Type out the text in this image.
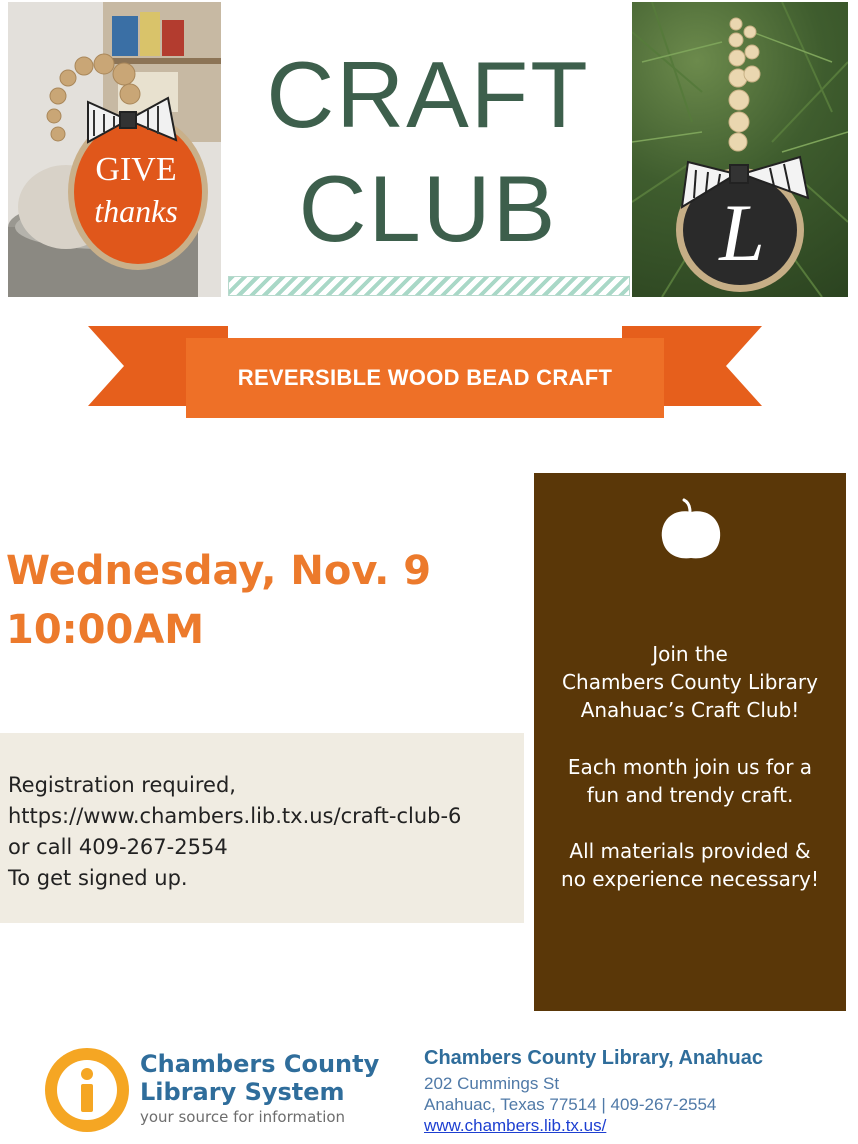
GIVE
thanks	L
CRAFT
CLUB
REVERSIBLE WOOD BEAD CRAFT
Wednesday, Nov. 9
10:00AM
Registration required,
https://www.chambers.lib.tx.us/craft-club-6
or call 409-267-2554
To get signed up.
Join the
Chambers County Library
Anahuac’s Craft Club!
Each month join us for a
fun and trendy craft.
All materials provided &
no experience necessary!
Chambers County
Library System
your source for information
Chambers County Library, Anahuac
202 Cummings St
Anahuac, Texas 77514 | 409-267-2554
www.chambers.lib.tx.us/
